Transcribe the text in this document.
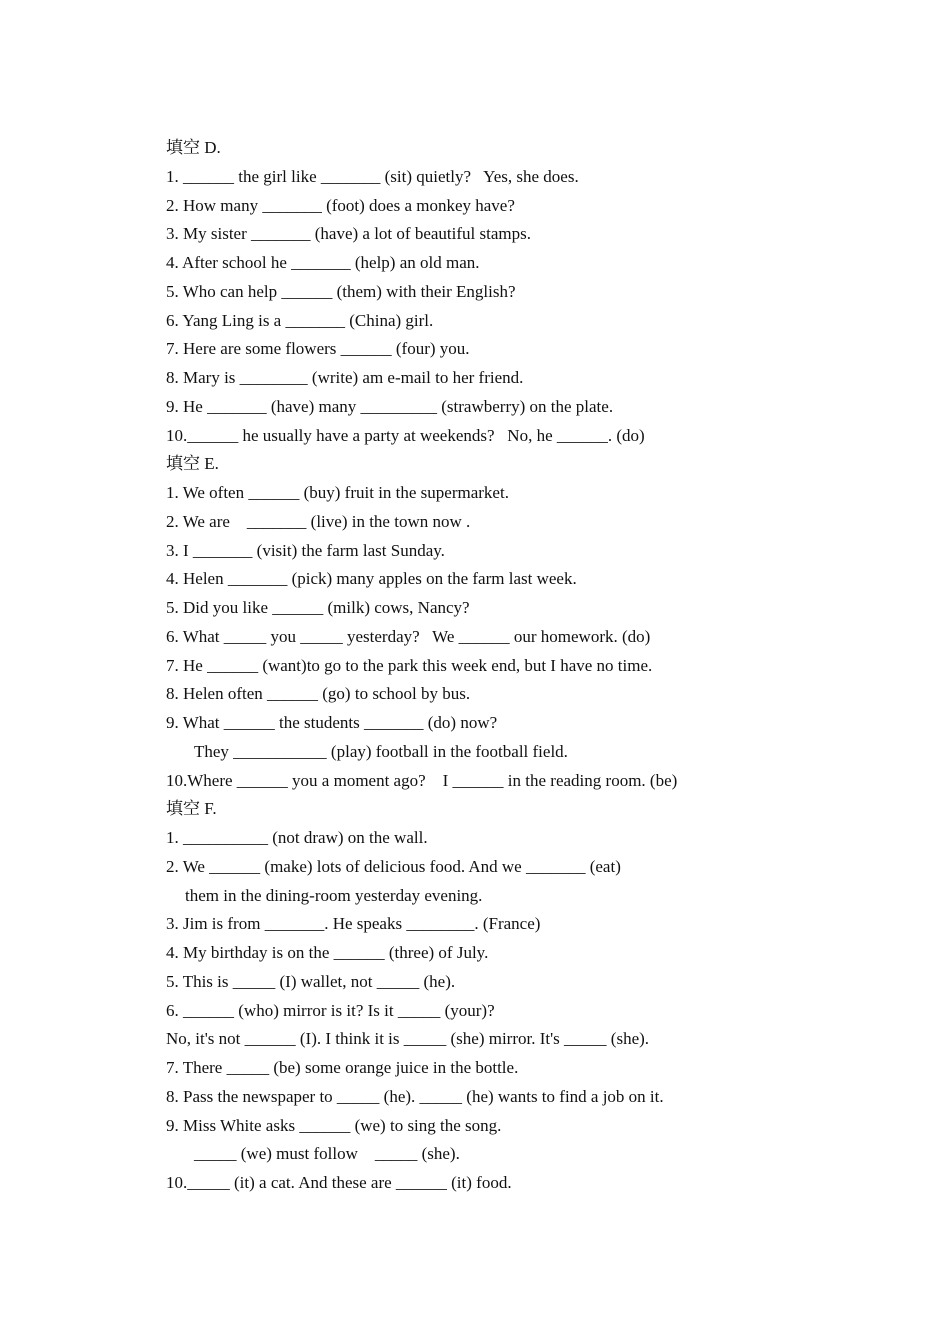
填空 D.
1. ______ the girl like _______ (sit) quietly?   Yes, she does.
2. How many _______ (foot) does a monkey have?
3. My sister _______ (have) a lot of beautiful stamps.
4. After school he _______ (help) an old man.
5. Who can help ______ (them) with their English?
6. Yang Ling is a _______ (China) girl.
7. Here are some flowers ______ (four) you.
8. Mary is ________ (write) am e-mail to her friend.
9. He _______ (have) many _________ (strawberry) on the plate.
10.______ he usually have a party at weekends?   No, he ______. (do)
填空 E.
1. We often ______ (buy) fruit in the supermarket.
2. We are    _______ (live) in the town now .
3. I _______ (visit) the farm last Sunday.
4. Helen _______ (pick) many apples on the farm last week.
5. Did you like ______ (milk) cows, Nancy?
6. What _____ you _____ yesterday?   We ______ our homework. (do)
7. He ______ (want)to go to the park this week end, but I have no time.
8. Helen often ______ (go) to school by bus.
9. What ______ the students _______ (do) now?
They ___________ (play) football in the football field.
10.Where ______ you a moment ago?    I ______ in the reading room. (be)
填空 F.
1. __________ (not draw) on the wall.
2. We ______ (make) lots of delicious food. And we _______ (eat)
them in the dining-room yesterday evening.
3. Jim is from _______. He speaks ________. (France)
4. My birthday is on the ______ (three) of July.
5. This is _____ (I) wallet, not _____ (he).
6. ______ (who) mirror is it? Is it _____ (your)?
No, it's not ______ (I). I think it is _____ (she) mirror. It's _____ (she).
7. There _____ (be) some orange juice in the bottle.
8. Pass the newspaper to _____ (he). _____ (he) wants to find a job on it.
9. Miss White asks ______ (we) to sing the song.
_____ (we) must follow    _____ (she).
10._____ (it) a cat. And these are ______ (it) food.
